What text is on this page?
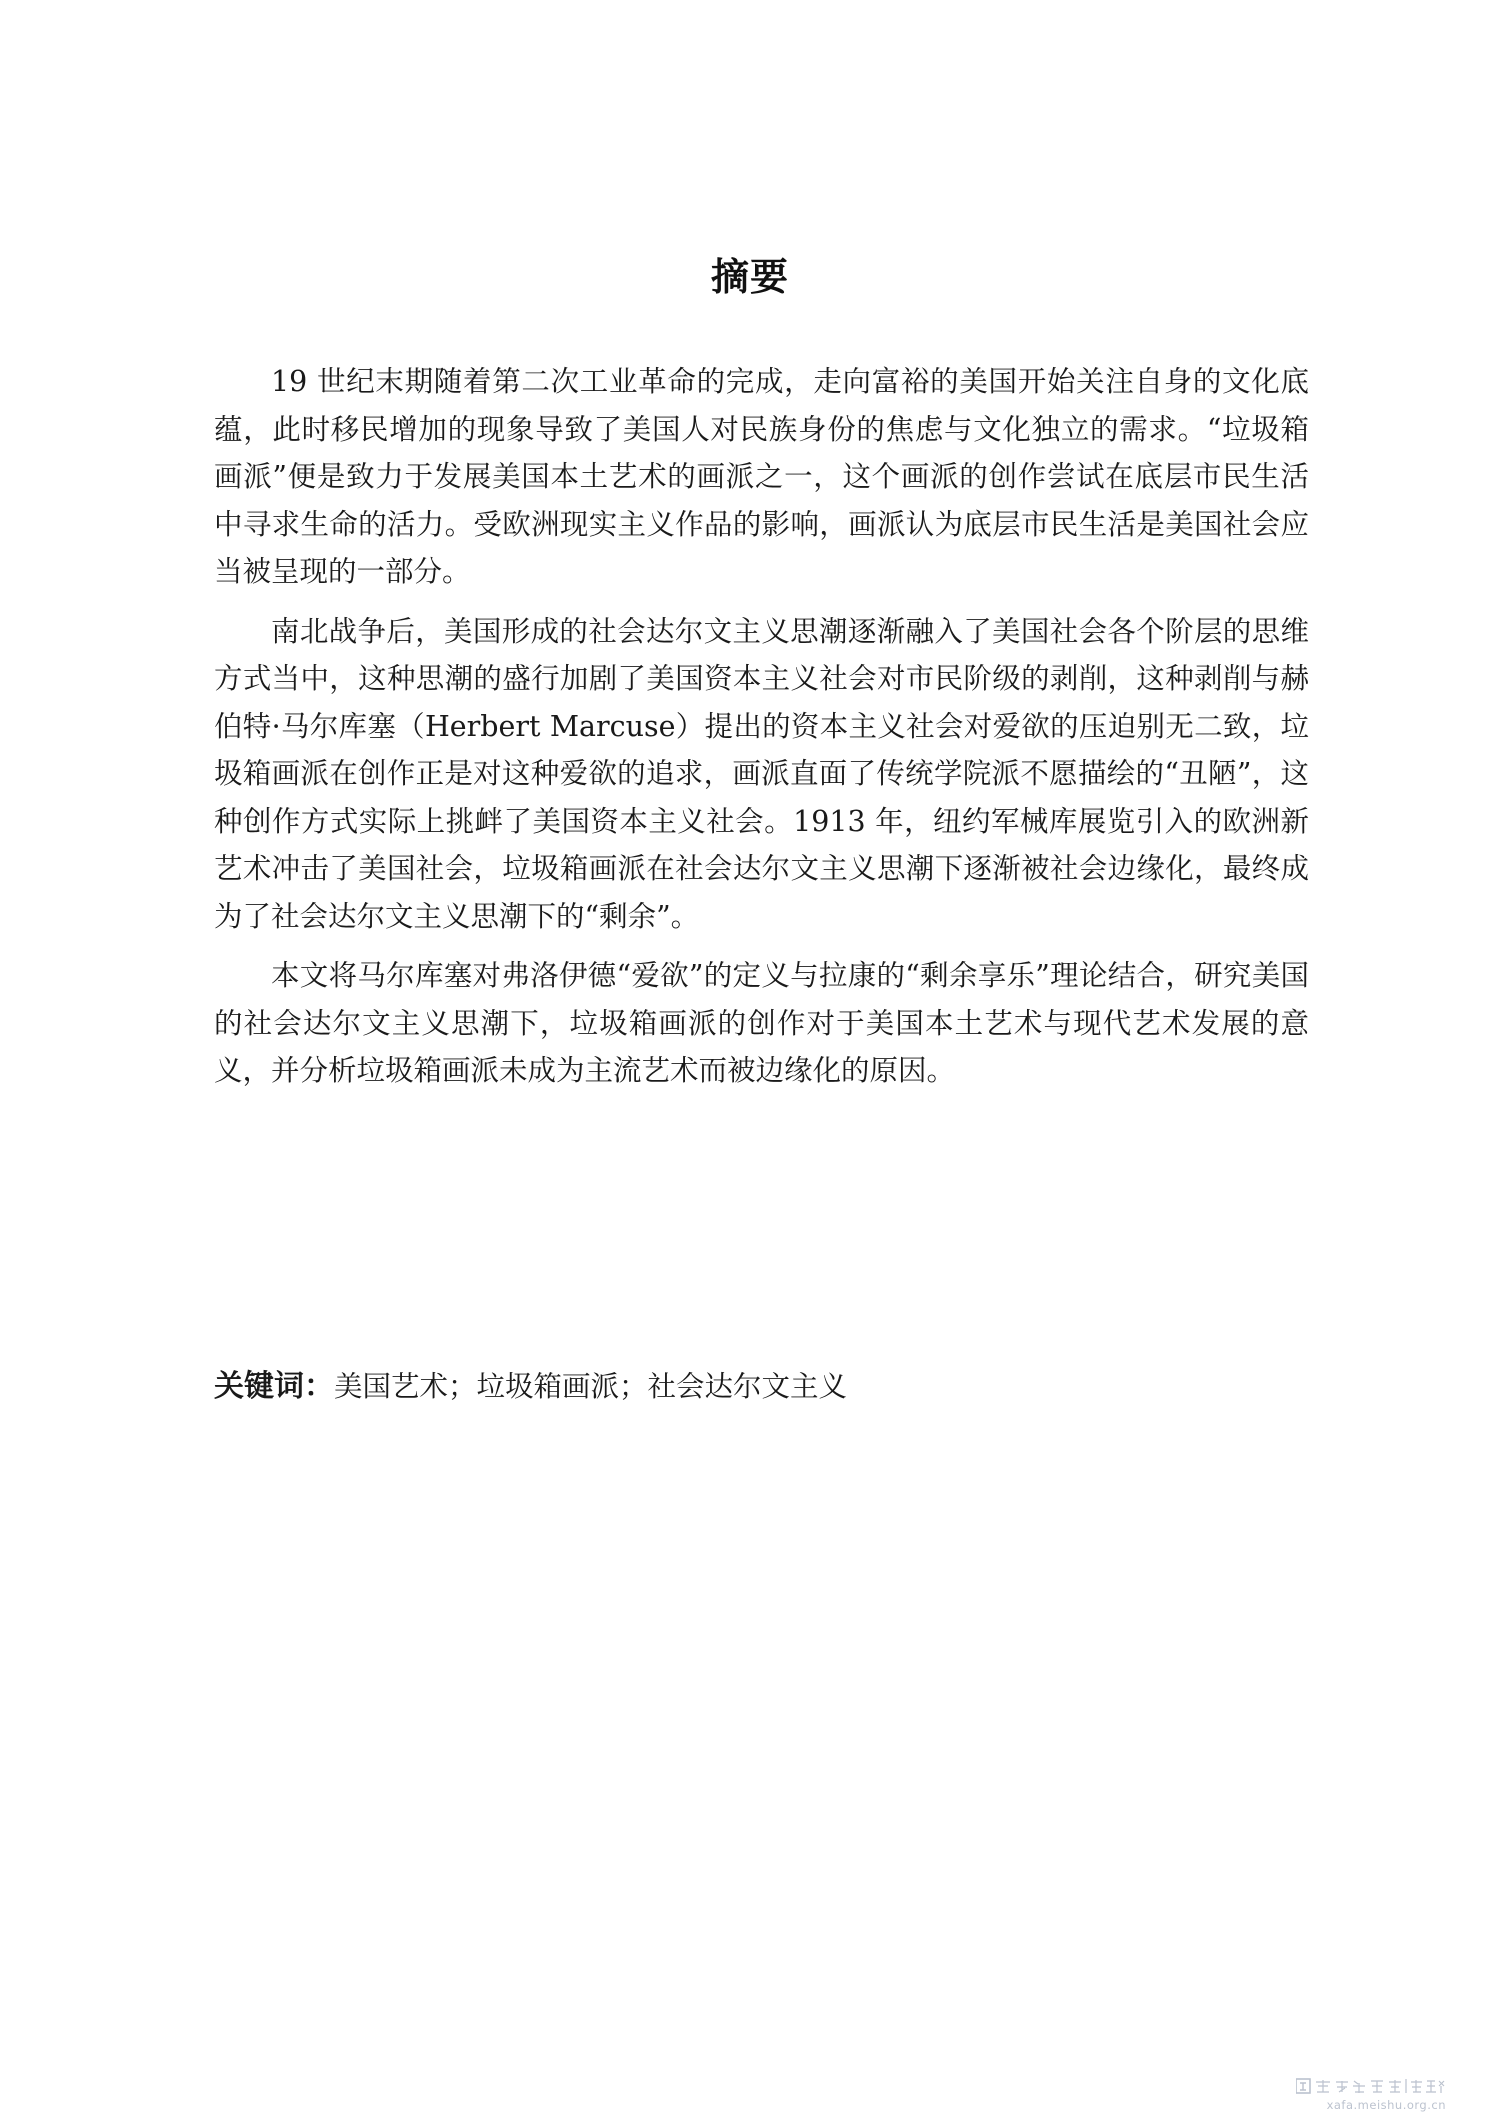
摘要

19 世纪末期随着第二次工业革命的完成，走向富裕的美国开始关注自身的文化底蕴，此时移民增加的现象导致了美国人对民族身份的焦虑与文化独立的需求。“垃圾箱画派”便是致力于发展美国本土艺术的画派之一，这个画派的创作尝试在底层市民生活中寻求生命的活力。受欧洲现实主义作品的影响，画派认为底层市民生活是美国社会应当被呈现的一部分。

南北战争后，美国形成的社会达尔文主义思潮逐渐融入了美国社会各个阶层的思维方式当中，这种思潮的盛行加剧了美国资本主义社会对市民阶级的剥削，这种剥削与赫伯特·马尔库塞（Herbert Marcuse）提出的资本主义社会对爱欲的压迫别无二致，垃圾箱画派在创作正是对这种爱欲的追求，画派直面了传统学院派不愿描绘的“丑陋”，这种创作方式实际上挑衅了美国资本主义社会。1913 年，纽约军械库展览引入的欧洲新艺术冲击了美国社会，垃圾箱画派在社会达尔文主义思潮下逐渐被社会边缘化，最终成为了社会达尔文主义思潮下的“剩余”。

本文将马尔库塞对弗洛伊德“爱欲”的定义与拉康的“剩余享乐”理论结合，研究美国的社会达尔文主义思潮下，垃圾箱画派的创作对于美国本土艺术与现代艺术发展的意义，并分析垃圾箱画派未成为主流艺术而被边缘化的原因。

关键词：美国艺术；垃圾箱画派；社会达尔文主义
xafa.meishu.org.cn
